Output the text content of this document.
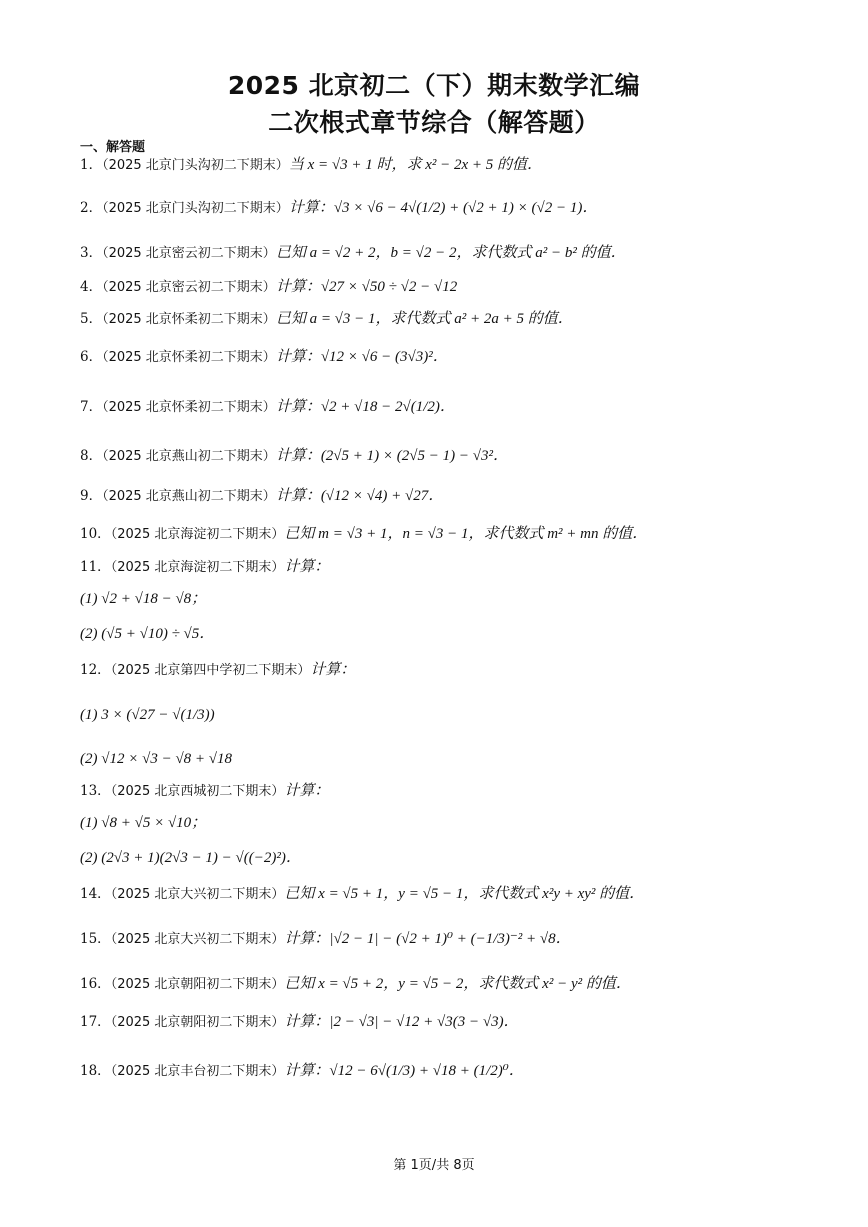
2025 北京初二（下）期末数学汇编
二次根式章节综合（解答题）
一、解答题
1．（2025 北京门头沟初二下期末）当 x = √3 + 1 时，求 x² − 2x + 5 的值．
2．（2025 北京门头沟初二下期末）计算：√3 × √6 − 4√(1/2) + (√2 + 1) × (√2 − 1)．
3．（2025 北京密云初二下期末）已知 a = √2 + 2，b = √2 − 2，求代数式 a² − b² 的值．
4．（2025 北京密云初二下期末）计算：√27 × √50 ÷ √2 − √12
5．（2025 北京怀柔初二下期末）已知 a = √3 − 1，求代数式 a² + 2a + 5 的值．
6．（2025 北京怀柔初二下期末）计算：√12 × √6 − (3√3)²．
7．（2025 北京怀柔初二下期末）计算：√2 + √18 − 2√(1/2)．
8．（2025 北京燕山初二下期末）计算：(2√5 + 1) × (2√5 − 1) − √3²．
9．（2025 北京燕山初二下期末）计算：(√12 × √4) + √27．
10．（2025 北京海淀初二下期末）已知 m = √3 + 1，n = √3 − 1，求代数式 m² + mn 的值．
11．（2025 北京海淀初二下期末）计算：
(1) √2 + √18 − √8；
(2) (√5 + √10) ÷ √5．
12．（2025 北京第四中学初二下期末）计算：
(1) 3 × (√27 − √(1/3))
(2) √12 × √3 − √8 + √18
13．（2025 北京西城初二下期末）计算：
(1) √8 + √5 × √10；
(2) (2√3 + 1)(2√3 − 1) − √((−2)²)．
14．（2025 北京大兴初二下期末）已知 x = √5 + 1，y = √5 − 1，求代数式 x²y + xy² 的值．
15．（2025 北京大兴初二下期末）计算：|√2 − 1| − (√2 + 1)⁰ + (−1/3)⁻² + √8．
16．（2025 北京朝阳初二下期末）已知 x = √5 + 2，y = √5 − 2，求代数式 x² − y² 的值．
17．（2025 北京朝阳初二下期末）计算：|2 − √3| − √12 + √3(3 − √3)．
18．（2025 北京丰台初二下期末）计算：√12 − 6√(1/3) + √18 + (1/2)⁰．
第 1页/共 8页
